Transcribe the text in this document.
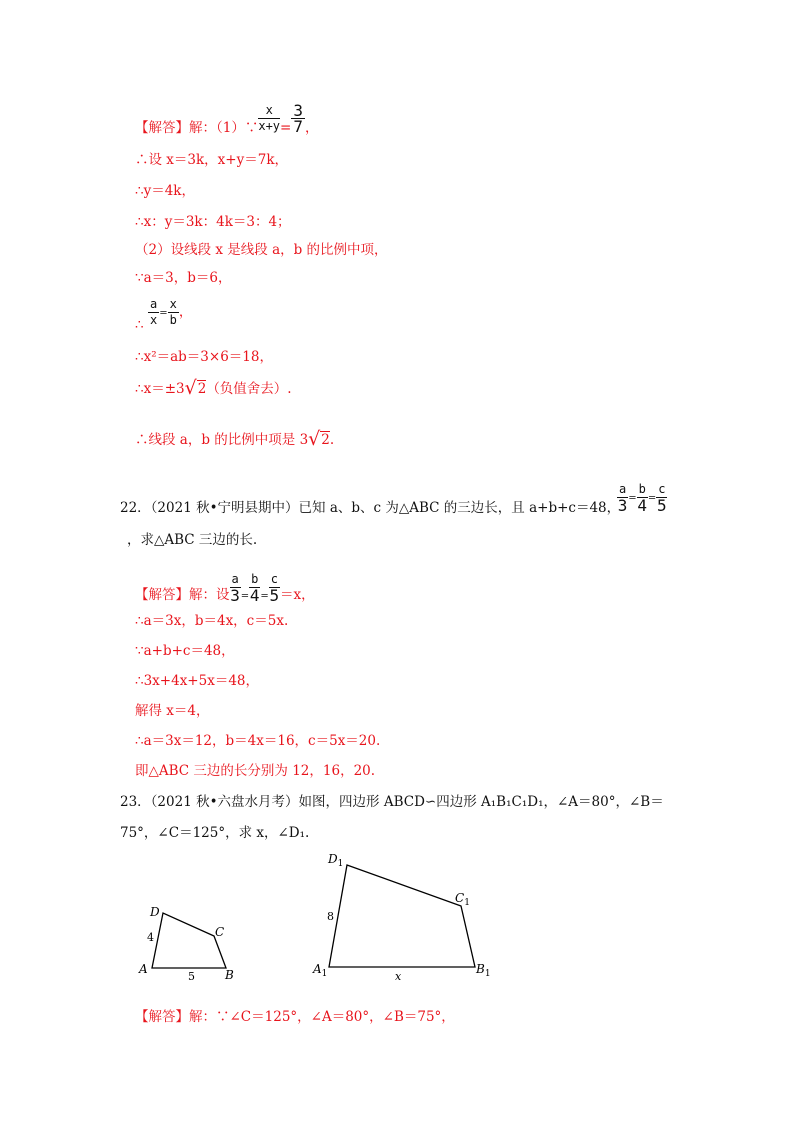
【解答】解：（1）∵ $\frac{x}{x+y} = \frac{3}{7}$ ，
∴设 x＝3k，x+y＝7k，
∴y＝4k，
∴x：y＝3k：4k＝3：4；
（2）设线段 x 是线段 a，b 的比例中项，
∵a＝3，b＝6，
∴ $\frac{a}{x} = \frac{x}{b}$ ，
∴x²＝ab＝3×6＝18，
∴x＝±3√2（负值舍去）.
∴线段 a，b 的比例中项是 3√2.
22．（2021 秋•宁明县期中）已知 a、b、c 为△ABC 的三边长，且 a+b+c＝48，
$\frac{a}{3} = \frac{b}{4} = \frac{c}{5}$
，求△ABC 三边的长.
【解答】解：设 $\frac{a}{3} = \frac{b}{4} = \frac{c}{5} =x$，
∴a＝3x，b＝4x，c＝5x.
∵a+b+c＝48，
∴3x+4x+5x＝48，
解得 x＝4，
∴a＝3x＝12，b＝4x＝16，c＝5x＝20.
即△ABC 三边的长分别为 12，16，20.
23．（2021 秋•六盘水月考）如图，四边形 ABCD∽四边形 A₁B₁C₁D₁，∠A＝80°，∠B＝
75°，∠C＝125°，求 x，∠D₁.
D
C
A	B
4
5
$D_1$
$C_1$
$A_1$	$B_1$
8
x
【解答】解：∵∠C＝125°，∠A＝80°，∠B＝75°，
